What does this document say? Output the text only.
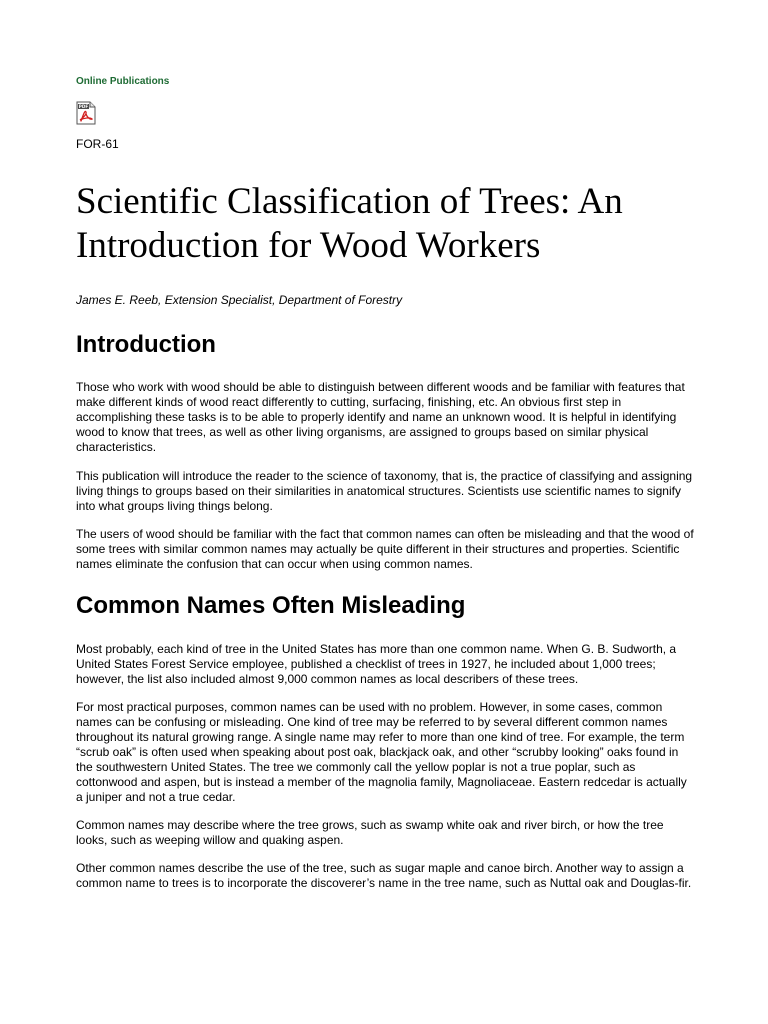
Online Publications
PDF
FOR-61
Scientific Classification of Trees: An Introduction for Wood Workers
James E. Reeb, Extension Specialist, Department of Forestry
Introduction

Those who work with wood should be able to distinguish between different woods and be familiar with features that make different kinds of wood react differently to cutting, surfacing, finishing, etc. An obvious first step in accomplishing these tasks is to be able to properly identify and name an unknown wood. It is helpful in identifying wood to know that trees, as well as other living organisms, are assigned to groups based on similar physical characteristics.

This publication will introduce the reader to the science of taxonomy, that is, the practice of classifying and assigning living things to groups based on their similarities in anatomical structures. Scientists use scientific names to signify into what groups living things belong.

The users of wood should be familiar with the fact that common names can often be misleading and that the wood of some trees with similar common names may actually be quite different in their structures and properties. Scientific names eliminate the confusion that can occur when using common names.

Common Names Often Misleading

Most probably, each kind of tree in the United States has more than one common name. When G. B. Sudworth, a United States Forest Service employee, published a checklist of trees in 1927, he included about 1,000 trees; however, the list also included almost 9,000 common names as local describers of these trees.

For most practical purposes, common names can be used with no problem. However, in some cases, common names can be confusing or misleading. One kind of tree may be referred to by several different common names throughout its natural growing range. A single name may refer to more than one kind of tree. For example, the term “scrub oak” is often used when speaking about post oak, blackjack oak, and other “scrubby looking” oaks found in the southwestern United States. The tree we commonly call the yellow poplar is not a true poplar, such as cottonwood and aspen, but is instead a member of the magnolia family, Magnoliaceae. Eastern redcedar is actually a juniper and not a true cedar.

Common names may describe where the tree grows, such as swamp white oak and river birch, or how the tree looks, such as weeping willow and quaking aspen.

Other common names describe the use of the tree, such as sugar maple and canoe birch. Another way to assign a common name to trees is to incorporate the discoverer’s name in the tree name, such as Nuttal oak and Douglas-fir.
